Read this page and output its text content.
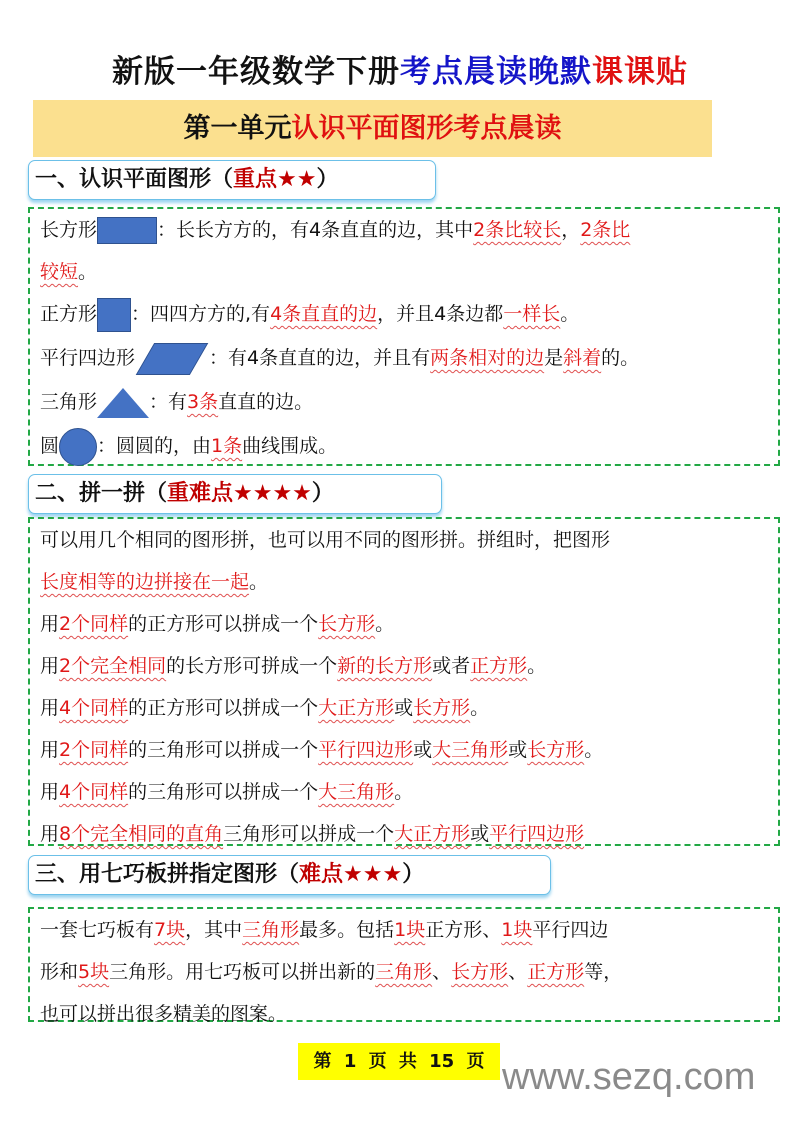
新版一年级数学下册考点晨读晚默课课贴
第一单元认识平面图形考点晨读
一、认识平面图形（重点★★）
长方形	：长长方方的，有4条直直的边，其中2条比较长，2条比
较短。
正方形 ：四四方方的,有4条直直的边，并且4条边都一样长。
平行四边形	：有4条直直的边，并且有两条相对的边是斜着的。
三角形	：有3条直直的边。
圆 ：圆圆的，由1条曲线围成。
二、拼一拼（重难点★★★★）
可以用几个相同的图形拼，也可以用不同的图形拼。拼组时，把图形
长度相等的边拼接在一起。
用2个同样的正方形可以拼成一个长方形。
用2个完全相同的长方形可拼成一个新的长方形或者正方形。
用4个同样的正方形可以拼成一个大正方形或长方形。
用2个同样的三角形可以拼成一个平行四边形或大三角形或长方形。
用4个同样的三角形可以拼成一个大三角形。
用8个完全相同的直角三角形可以拼成一个大正方形或平行四边形
三、用七巧板拼指定图形（难点★★★）
一套七巧板有7块，其中三角形最多。包括1块正方形、1块平行四边
形和5块三角形。用七巧板可以拼出新的三角形、长方形、正方形等，
也可以拼出很多精美的图案。
第 1 页 共 15 页 www.sezq.com
